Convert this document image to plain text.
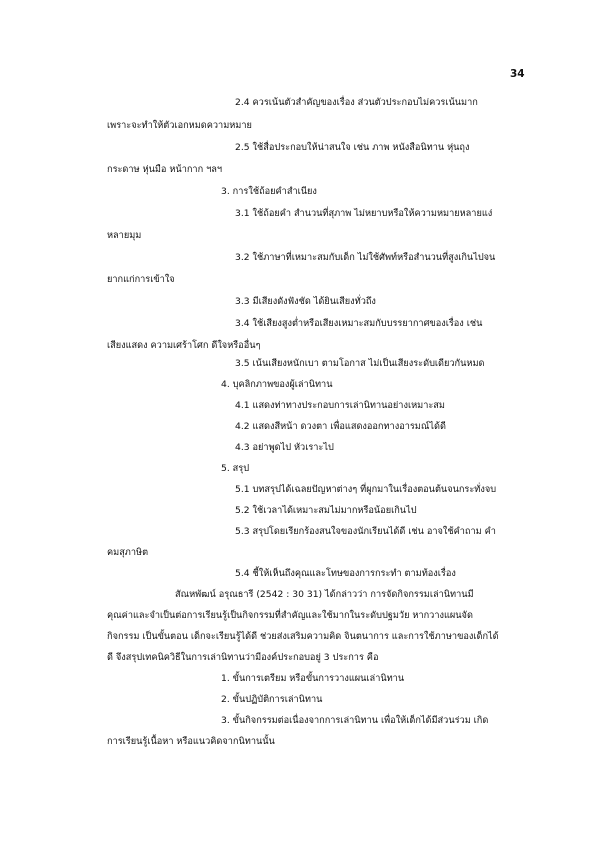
34
2.4 ควรเน้นตัวสำคัญของเรื่อง ส่วนตัวประกอบไม่ควรเน้นมาก
เพราะจะทำให้ตัวเอกหมดความหมาย
2.5 ใช้สื่อประกอบให้น่าสนใจ เช่น ภาพ หนังสือนิทาน หุ่นถุง
กระดาษ หุ่นมือ หน้ากาก ฯลฯ
3. การใช้ถ้อยคำสำเนียง
3.1 ใช้ถ้อยคำ สำนวนที่สุภาพ ไม่หยาบหรือให้ความหมายหลายแง่
หลายมุม
3.2 ใช้ภาษาที่เหมาะสมกับเด็ก ไม่ใช้ศัพท์หรือสำนวนที่สูงเกินไปจน
ยากแก่การเข้าใจ
3.3 มีเสียงดังฟังชัด ได้ยินเสียงทั่วถึง
3.4 ใช้เสียงสูงต่ำหรือเสียงเหมาะสมกับบรรยากาศของเรื่อง เช่น
เสียงแสดง ความเศร้าโศก ดีใจหรืออื่นๆ
3.5 เน้นเสียงหนักเบา ตามโอกาส ไม่เป็นเสียงระดับเดียวกันหมด
4. บุคลิกภาพของผู้เล่านิทาน
4.1 แสดงท่าทางประกอบการเล่านิทานอย่างเหมาะสม
4.2 แสดงสีหน้า ดวงตา เพื่อแสดงออกทางอารมณ์ได้ดี
4.3 อย่าพูดไป หัวเราะไป
5. สรุป
5.1 บทสรุปได้เฉลยปัญหาต่างๆ ที่ผูกมาในเรื่องตอนต้นจนกระทั่งจบ
5.2 ใช้เวลาได้เหมาะสมไม่มากหรือน้อยเกินไป
5.3 สรุปโดยเรียกร้องสนใจของนักเรียนได้ดี เช่น อาจใช้คำถาม คำ
คมสุภาษิต
5.4 ชี้ให้เห็นถึงคุณและโทษของการกระทำ ตามท้องเรื่อง
สัณหพัฒน์ อรุณธารี (2542 : 30 31) ได้กล่าวว่า การจัดกิจกรรมเล่านิทานมี
คุณค่าและจำเป็นต่อการเรียนรู้เป็นกิจกรรมที่สำคัญและใช้มากในระดับปฐมวัย หากวางแผนจัด
กิจกรรม เป็นขั้นตอน เด็กจะเรียนรู้ได้ดี ช่วยส่งเสริมความคิด จินตนาการ และการใช้ภาษาของเด็กได้
ดี จึงสรุปเทคนิควิธีในการเล่านิทานว่ามีองค์ประกอบอยู่ 3 ประการ คือ
1. ขั้นการเตรียม หรือขั้นการวางแผนเล่านิทาน
2. ขั้นปฏิบัติการเล่านิทาน
3. ขั้นกิจกรรมต่อเนื่องจากการเล่านิทาน เพื่อให้เด็กได้มีส่วนร่วม เกิด
การเรียนรู้เนื้อหา หรือแนวคิดจากนิทานนั้น
